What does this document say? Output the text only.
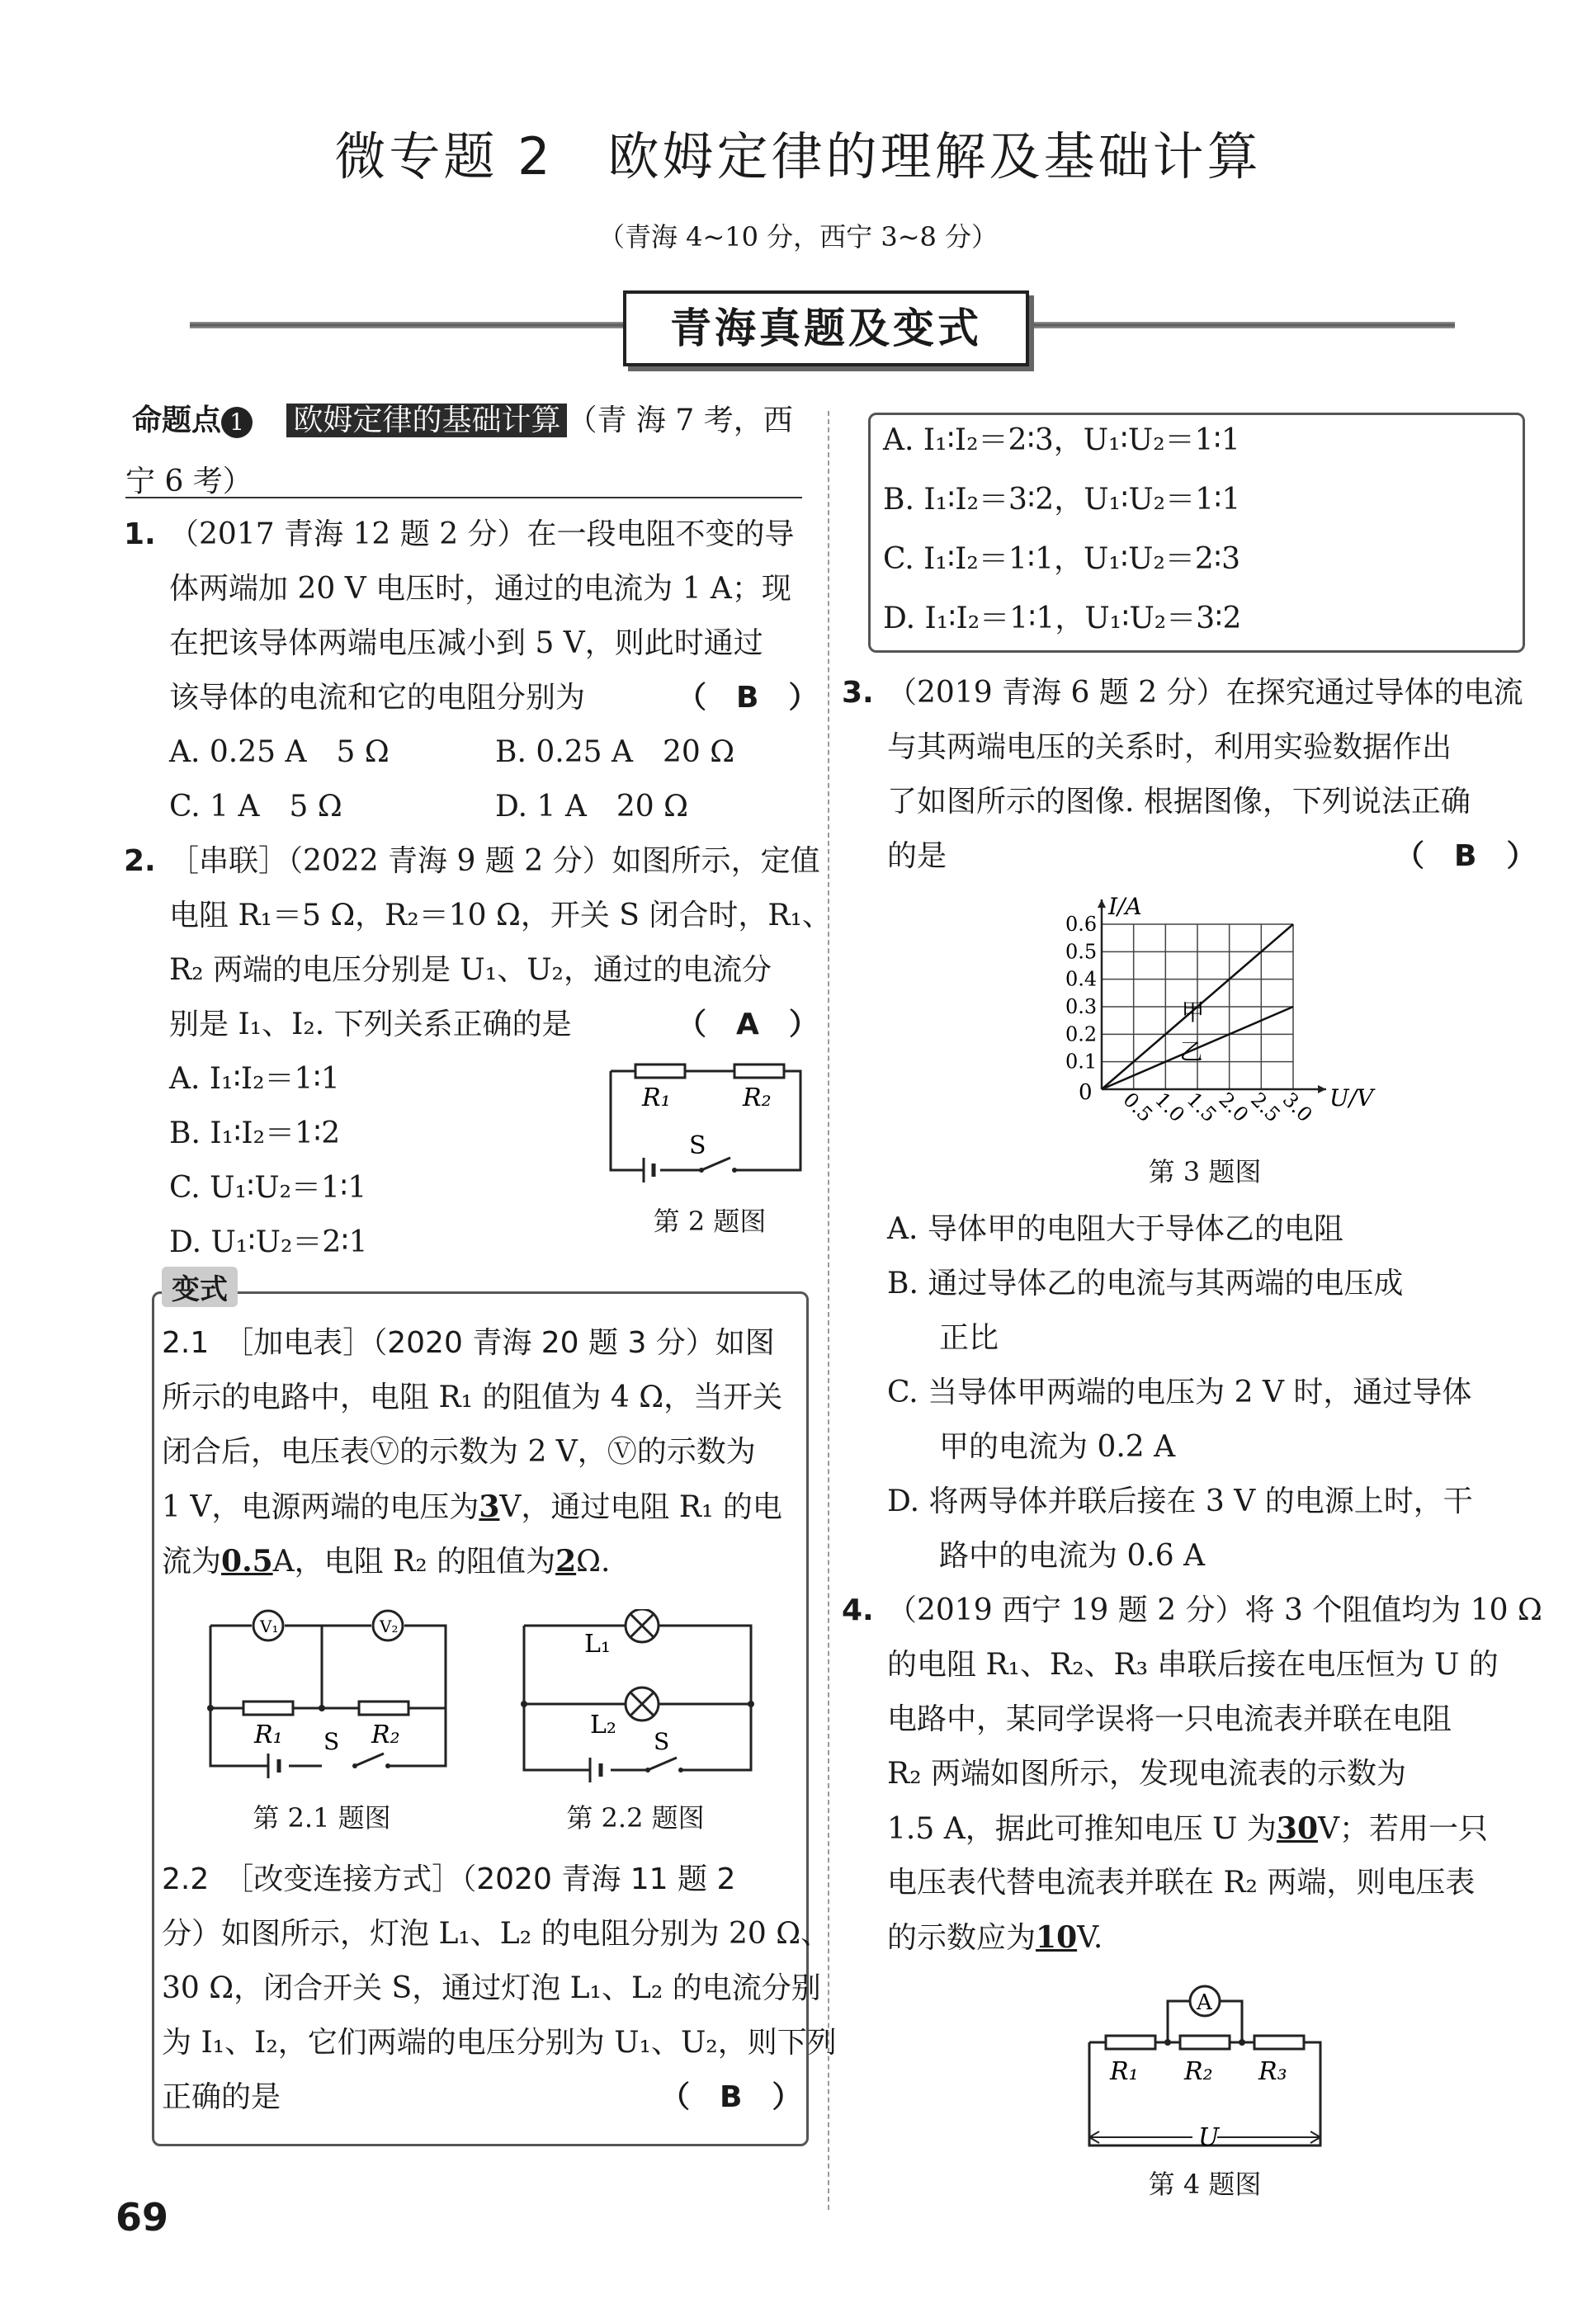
微专题 2　欧姆定律的理解及基础计算
（青海 4~10 分，西宁 3~8 分）
青海真题及变式
命题点 1 欧姆定律的基础计算 （青 海 7 考，西
宁 6 考）
1. （2017 青海 12 题 2 分）在一段电阻不变的导
体两端加 20 V 电压时，通过的电流为 1 A；现
在把该导体两端电压减小到 5 V，则此时通过
该导体的电流和它的电阻分别为	（　B　）
A. 0.25 A　5 Ω	B. 0.25 A　20 Ω
C. 1 A　5 Ω	D. 1 A　20 Ω
2. ［串联］（2022 青海 9 题 2 分）如图所示，定值
电阻 R₁＝5 Ω，R₂＝10 Ω，开关 S 闭合时，R₁、
R₂ 两端的电压分别是 U₁、U₂，通过的电流分
别是 I₁、I₂. 下列关系正确的是	（　A　）
A. I₁∶I₂＝1∶1
B. I₁∶I₂＝1∶2
C. U₁∶U₂＝1∶1
D. U₁∶U₂＝2∶1
R₁	R₂
S
第 2 题图
变式
2.1　［加电表］（2020 青海 20 题 3 分）如图
所示的电路中，电阻 R₁ 的阻值为 4 Ω，当开关
闭合后，电压表Ⓥ的示数为 2 V，Ⓥ的示数为
1 V，电源两端的电压为3V，通过电阻 R₁ 的电
流为0.5A，电阻 R₂ 的阻值为2Ω.
V₁	V₂
R₁	R₂
S
第 2.1 题图
L₁
L₂
S
第 2.2 题图
2.2　［改变连接方式］（2020 青海 11 题 2
分）如图所示，灯泡 L₁、L₂ 的电阻分别为 20 Ω、
30 Ω，闭合开关 S，通过灯泡 L₁、L₂ 的电流分别
为 I₁、I₂，它们两端的电压分别为 U₁、U₂，则下列
正确的是	（　B　）
A. I₁∶I₂＝2∶3，U₁∶U₂＝1∶1
B. I₁∶I₂＝3∶2，U₁∶U₂＝1∶1
C. I₁∶I₂＝1∶1，U₁∶U₂＝2∶3
D. I₁∶I₂＝1∶1，U₁∶U₂＝3∶2
3. （2019 青海 6 题 2 分）在探究通过导体的电流
与其两端电压的关系时，利用实验数据作出
了如图所示的图像. 根据图像，下列说法正确
的是	（　B　）
0.5
1.0
1.5
2.0
2.5
3.0
0.1
0.2
0.3
0.4
0.5
0.6
0	U/V
I/A
甲
乙
第 3 题图
A. 导体甲的电阻大于导体乙的电阻
B. 通过导体乙的电流与其两端的电压成
正比
C. 当导体甲两端的电压为 2 V 时，通过导体
甲的电流为 0.2 A
D. 将两导体并联后接在 3 V 的电源上时，干
路中的电流为 0.6 A
4. （2019 西宁 19 题 2 分）将 3 个阻值均为 10 Ω
的电阻 R₁、R₂、R₃ 串联后接在电压恒为 U 的
电路中，某同学误将一只电流表并联在电阻
R₂ 两端如图所示，发现电流表的示数为
1.5 A，据此可推知电压 U 为30V；若用一只
电压表代替电流表并联在 R₂ 两端，则电压表
的示数应为10V.
A
R₁ R₂ R₃
U
第 4 题图
69
